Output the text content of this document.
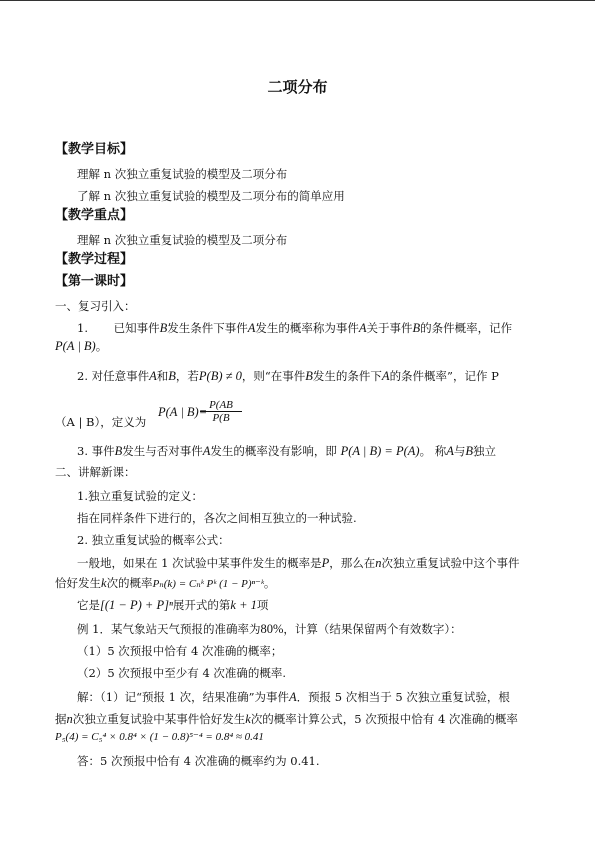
二项分布
【教学目标】
理解 n 次独立重复试验的模型及二项分布
了解 n 次独立重复试验的模型及二项分布的简单应用
【教学重点】
理解 n 次独立重复试验的模型及二项分布
【教学过程】
【第一课时】
一、复习引入：
1. 已知事件B发生条件下事件A发生的概率称为事件A关于事件B的条件概率，记作
P(A | B)。
2. 对任意事件A和B，若P(B) ≠ 0，则“在事件B发生的条件下A的条件概率”，记作 P
（A | B），定义为
P(A | B)=
$\frac{P(AB}{P(B}$
3. 事件B发生与否对事件A发生的概率没有影响，即 P(A | B) = P(A)。 称A与B独立
二、讲解新课：
1.独立重复试验的定义：
指在同样条件下进行的，各次之间相互独立的一种试验.
2. 独立重复试验的概率公式：
一般地，如果在 1 次试验中某事件发生的概率是P，那么在n次独立重复试验中这个事件
恰好发生k次的概率Pₙ(k) = Cₙᵏ Pᵏ (1 − P)ⁿ⁻ᵏ。
它是[(1 − P) + P]ⁿ展开式的第k + 1项
例 1．某气象站天气预报的准确率为80%，计算（结果保留两个有效数字）：
（1）5 次预报中恰有 4 次准确的概率；
（2）5 次预报中至少有 4 次准确的概率.
解：（1）记“预报 1 次，结果准确”为事件A．预报 5 次相当于 5 次独立重复试验，根
据n次独立重复试验中某事件恰好发生k次的概率计算公式，5 次预报中恰有 4 次准确的概率
P₅(4) = C₅⁴ × 0.8⁴ × (1 − 0.8)⁵⁻⁴ = 0.8⁴ ≈ 0.41
答：5 次预报中恰有 4 次准确的概率约为 0.41.
